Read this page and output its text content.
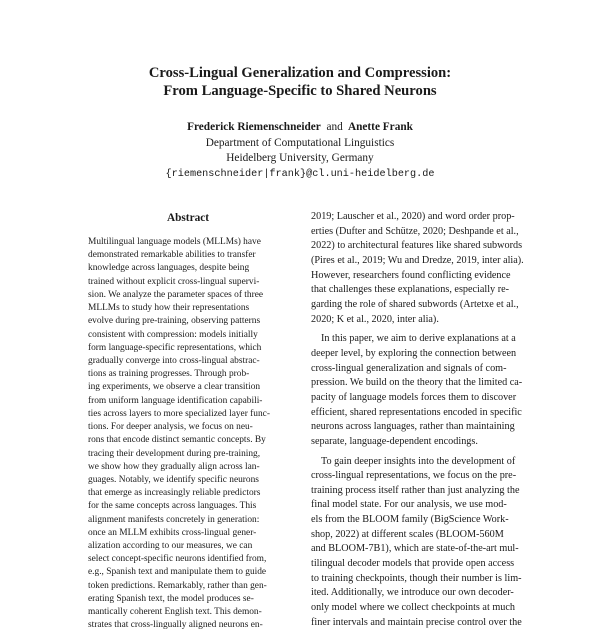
Cross-Lingual Generalization and Compression:
From Language-Specific to Shared Neurons
Frederick Riemenschneider and Anette Frank
Department of Computational Linguistics
Heidelberg University, Germany
{riemenschneider|frank}@cl.uni-heidelberg.de
Abstract
Multilingual language models (MLLMs) have
demonstrated remarkable abilities to transfer
knowledge across languages, despite being
trained without explicit cross-lingual supervi-
sion. We analyze the parameter spaces of three
MLLMs to study how their representations
evolve during pre-training, observing patterns
consistent with compression: models initially
form language-specific representations, which
gradually converge into cross-lingual abstrac-
tions as training progresses. Through prob-
ing experiments, we observe a clear transition
from uniform language identification capabili-
ties across layers to more specialized layer func-
tions. For deeper analysis, we focus on neu-
rons that encode distinct semantic concepts. By
tracing their development during pre-training,
we show how they gradually align across lan-
guages. Notably, we identify specific neurons
that emerge as increasingly reliable predictors
for the same concepts across languages. This
alignment manifests concretely in generation:
once an MLLM exhibits cross-lingual gener-
alization according to our measures, we can
select concept-specific neurons identified from,
e.g., Spanish text and manipulate them to guide
token predictions. Remarkably, rather than gen-
erating Spanish text, the model produces se-
mantically coherent English text. This demon-
strates that cross-lingually aligned neurons en-
2019; Lauscher et al., 2020) and word order prop-
erties (Dufter and Schütze, 2020; Deshpande et al.,
2022) to architectural features like shared subwords
(Pires et al., 2019; Wu and Dredze, 2019, inter alia).
However, researchers found conflicting evidence
that challenges these explanations, especially re-
garding the role of shared subwords (Artetxe et al.,
2020; K et al., 2020, inter alia).
In this paper, we aim to derive explanations at a
deeper level, by exploring the connection between
cross-lingual generalization and signals of com-
pression. We build on the theory that the limited ca-
pacity of language models forces them to discover
efficient, shared representations encoded in specific
neurons across languages, rather than maintaining
separate, language-dependent encodings.
To gain deeper insights into the development of
cross-lingual representations, we focus on the pre-
training process itself rather than just analyzing the
final model state. For our analysis, we use mod-
els from the BLOOM family (BigScience Work-
shop, 2022) at different scales (BLOOM-560M
and BLOOM-7B1), which are state-of-the-art mul-
tilingual decoder models that provide open access
to training checkpoints, though their number is lim-
ited. Additionally, we introduce our own decoder-
only model where we collect checkpoints at much
finer intervals and maintain precise control over the
